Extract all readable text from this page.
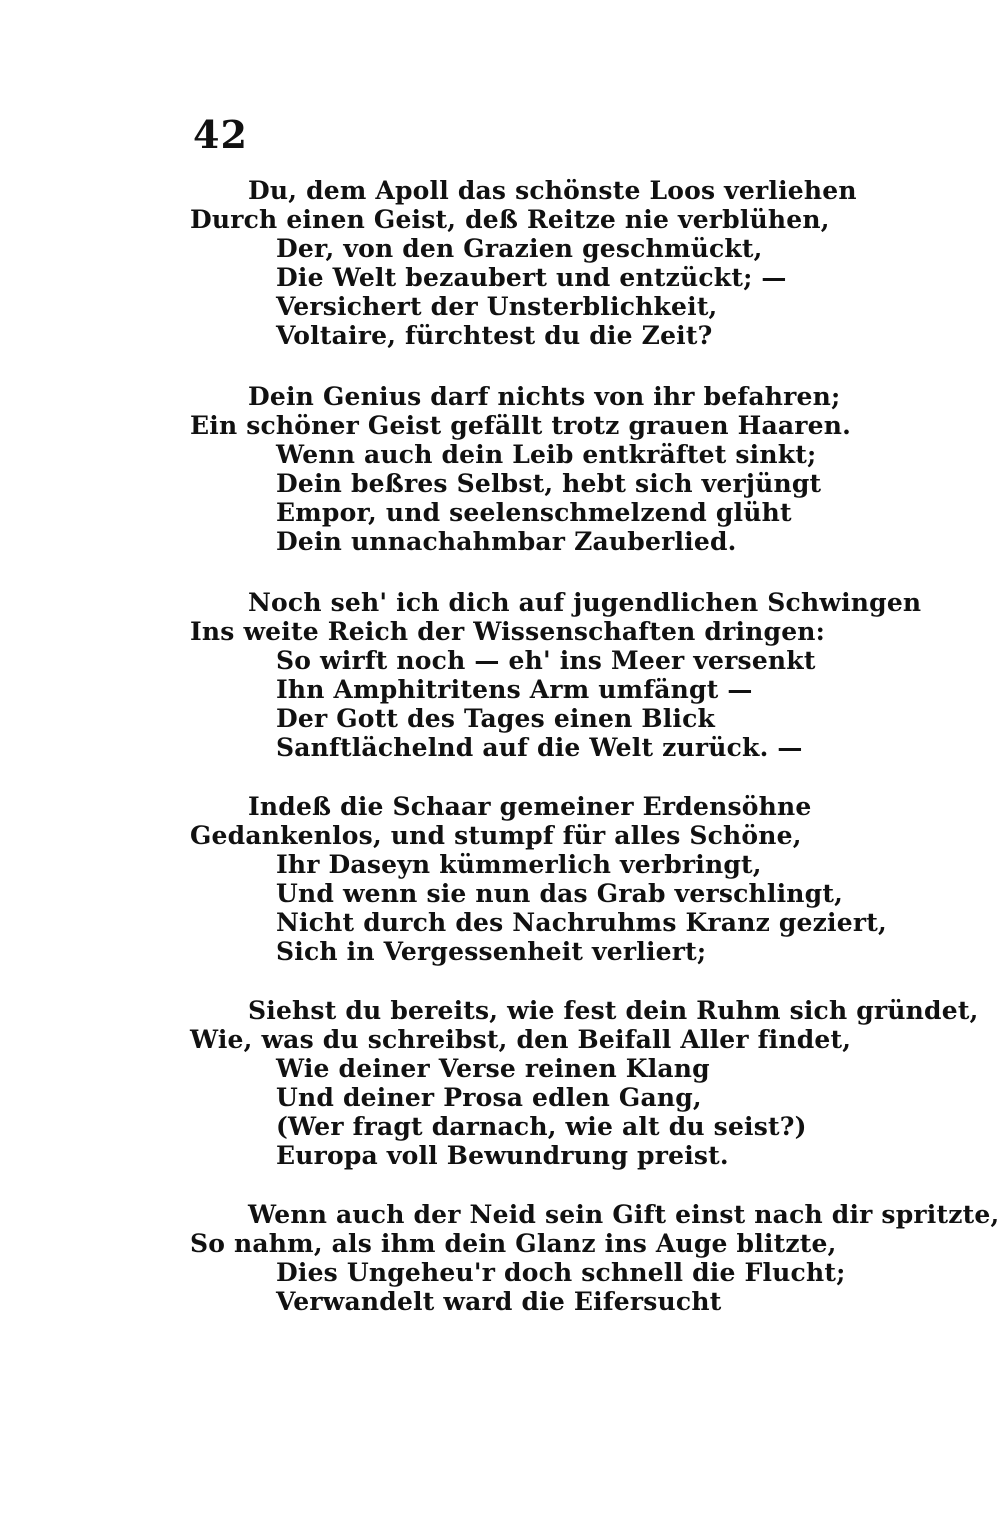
42
Du, dem Apoll das schönste Loos verliehen
Durch einen Geist, deß Reitze nie verblühen,
Der, von den Grazien geschmückt,
Die Welt bezaubert und entzückt; —
Versichert der Unsterblichkeit,
Voltaire, fürchtest du die Zeit?
Dein Genius darf nichts von ihr befahren;
Ein schöner Geist gefällt trotz grauen Haaren.
Wenn auch dein Leib entkräftet sinkt;
Dein beßres Selbst, hebt sich verjüngt
Empor, und seelenschmelzend glüht
Dein unnachahmbar Zauberlied.
Noch seh' ich dich auf jugendlichen Schwingen
Ins weite Reich der Wissenschaften dringen:
So wirft noch — eh' ins Meer versenkt
Ihn Amphitritens Arm umfängt —
Der Gott des Tages einen Blick
Sanftlächelnd auf die Welt zurück. —
Indeß die Schaar gemeiner Erdensöhne
Gedankenlos, und stumpf für alles Schöne,
Ihr Daseyn kümmerlich verbringt,
Und wenn sie nun das Grab verschlingt,
Nicht durch des Nachruhms Kranz geziert,
Sich in Vergessenheit verliert;
Siehst du bereits, wie fest dein Ruhm sich gründet,
Wie, was du schreibst, den Beifall Aller findet,
Wie deiner Verse reinen Klang
Und deiner Prosa edlen Gang,
(Wer fragt darnach, wie alt du seist?)
Europa voll Bewundrung preist.
Wenn auch der Neid sein Gift einst nach dir spritzte,
So nahm, als ihm dein Glanz ins Auge blitzte,
Dies Ungeheu'r doch schnell die Flucht;
Verwandelt ward die Eifersucht
